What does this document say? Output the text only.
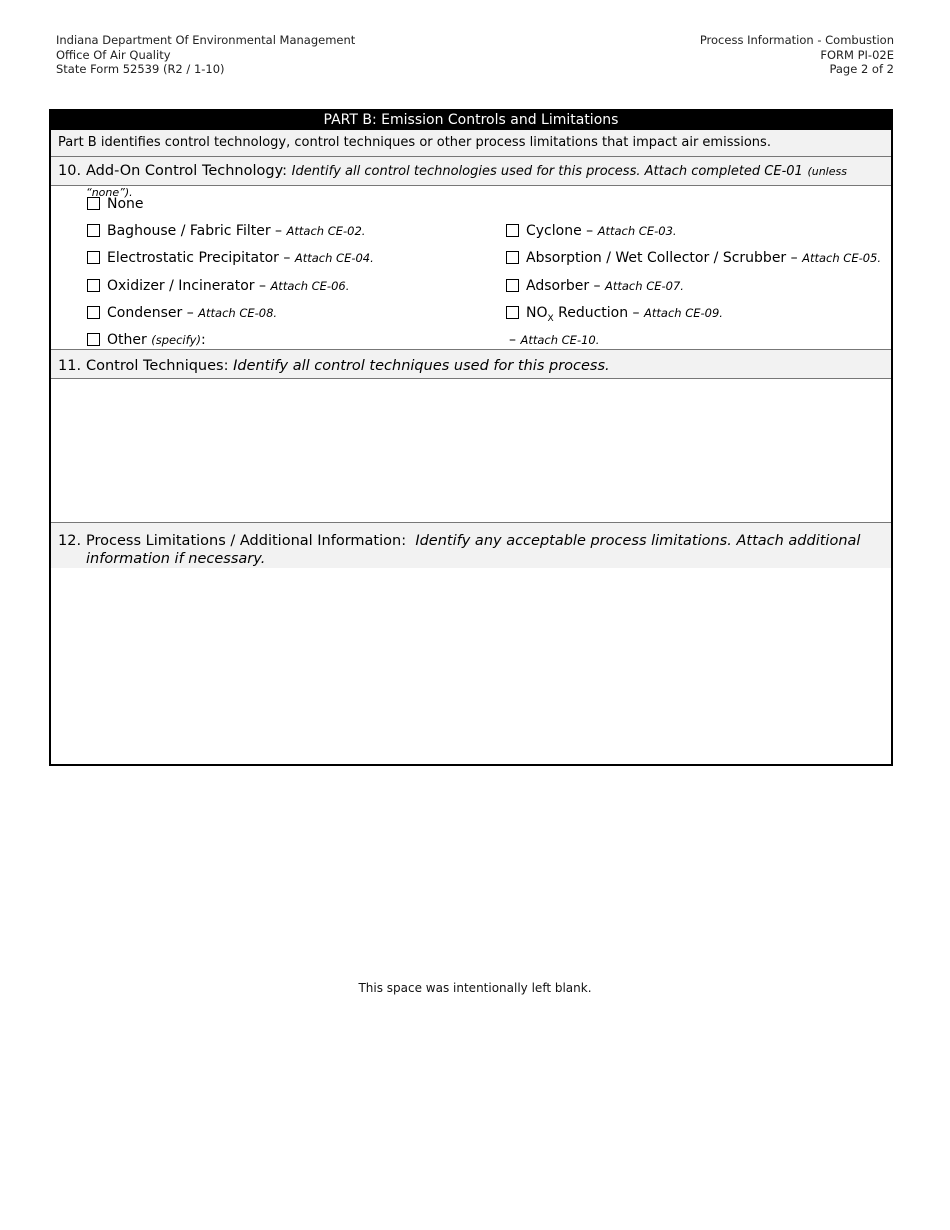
Indiana Department Of Environmental Management
Office Of Air Quality
State Form 52539 (R2 / 1-10)
Process Information - Combustion
FORM PI-02E
Page 2 of 2
PART B: Emission Controls and Limitations
Part B identifies control technology, control techniques or other process limitations that impact air emissions.
10. Add-On Control Technology: Identify all control technologies used for this process. Attach completed CE-01 (unless “none”).
None
Baghouse / Fabric Filter – Attach CE-02.	Cyclone – Attach CE-03.
Electrostatic Precipitator – Attach CE-04.	Absorption / Wet Collector / Scrubber – Attach CE-05.
Oxidizer / Incinerator – Attach CE-06.	Adsorber – Attach CE-07.
Condenser – Attach CE-08.	$NO_X$ Reduction – Attach CE-09.
Other (specify):	– Attach CE-10.
11. Control Techniques: Identify all control techniques used for this process.
12. Process Limitations / Additional Information: Identify any acceptable process limitations. Attach additional information if necessary.
This space was intentionally left blank.
